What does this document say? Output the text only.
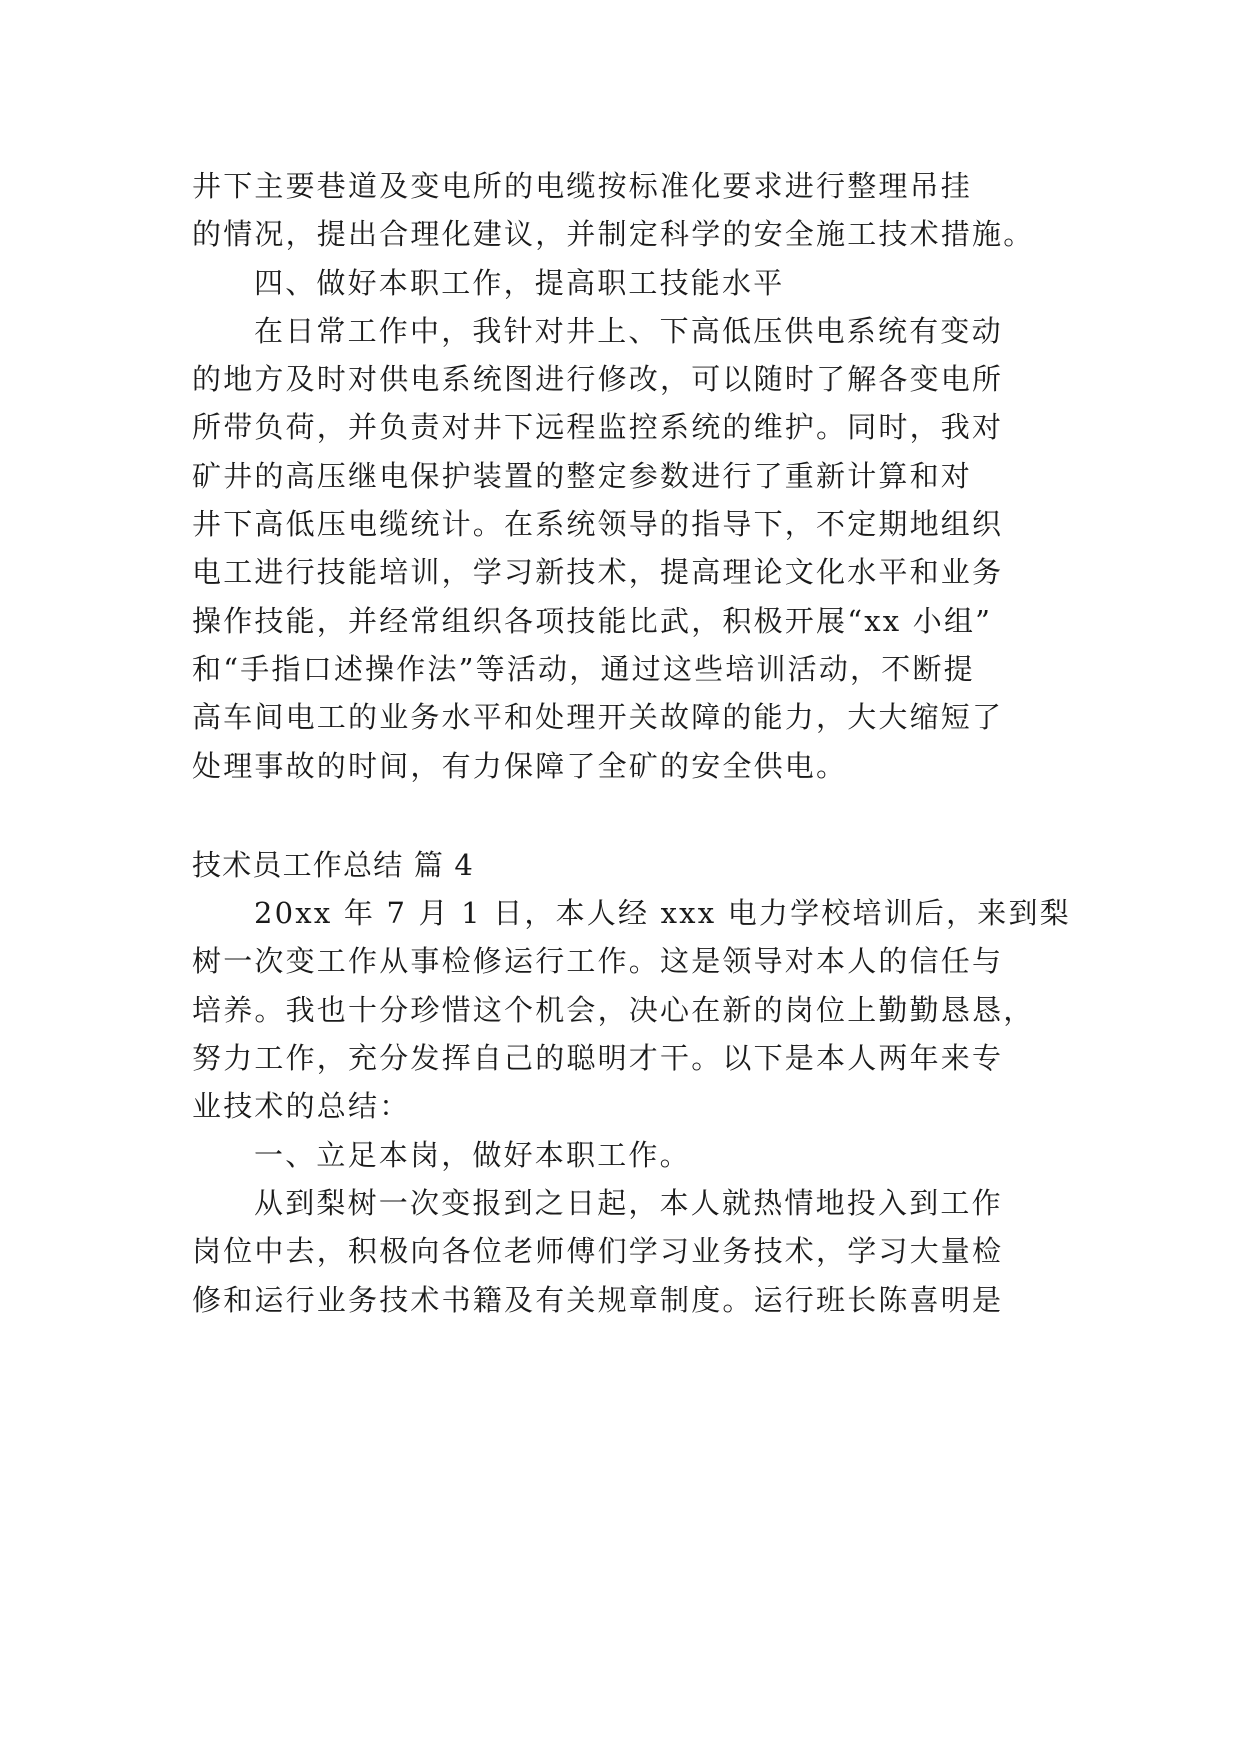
井下主要巷道及变电所的电缆按标准化要求进行整理吊挂
的情况，提出合理化建议，并制定科学的安全施工技术措施。
四、做好本职工作，提高职工技能水平
在日常工作中，我针对井上、下高低压供电系统有变动
的地方及时对供电系统图进行修改，可以随时了解各变电所
所带负荷，并负责对井下远程监控系统的维护。同时，我对
矿井的高压继电保护装置的整定参数进行了重新计算和对
井下高低压电缆统计。在系统领导的指导下，不定期地组织
电工进行技能培训，学习新技术，提高理论文化水平和业务
操作技能，并经常组织各项技能比武，积极开展“xx 小组”
和“手指口述操作法”等活动，通过这些培训活动，不断提
高车间电工的业务水平和处理开关故障的能力，大大缩短了
处理事故的时间，有力保障了全矿的安全供电。
技术员工作总结 篇 4
20xx 年 7 月 1 日，本人经 xxx 电力学校培训后，来到梨
树一次变工作从事检修运行工作。这是领导对本人的信任与
培养。我也十分珍惜这个机会，决心在新的岗位上勤勤恳恳，
努力工作，充分发挥自己的聪明才干。以下是本人两年来专
业技术的总结：
一、立足本岗，做好本职工作。
从到梨树一次变报到之日起，本人就热情地投入到工作
岗位中去，积极向各位老师傅们学习业务技术，学习大量检
修和运行业务技术书籍及有关规章制度。运行班长陈喜明是
